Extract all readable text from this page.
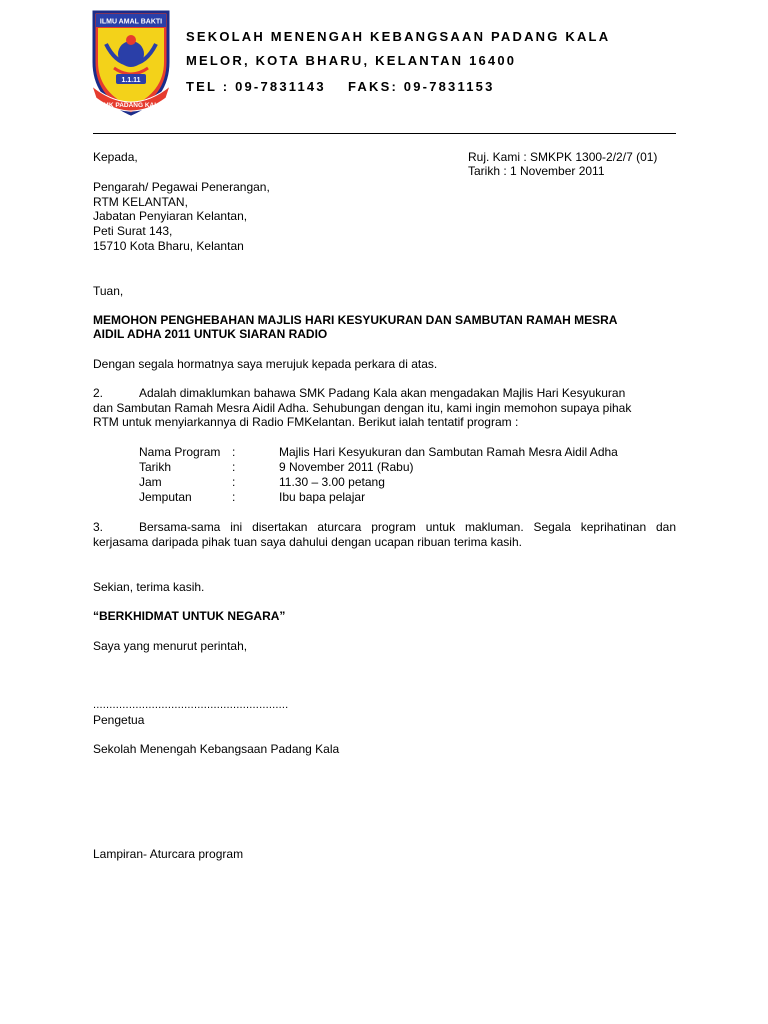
ILMU AMAL BAKTI
1.1.11
SMK PADANG KALA
SEKOLAH MENENGAH KEBANGSAAN PADANG KALA
MELOR, KOTA BHARU, KELANTAN 16400
TEL : 09-7831143 FAKS: 09-7831153
Ruj. Kami : SMKPK 1300-2/2/7 (01)
Tarikh : 1 November 2011
Kepada,
Pengarah/ Pegawai Penerangan,
RTM KELANTAN,
Jabatan Penyiaran Kelantan,
Peti Surat 143,
15710 Kota Bharu, Kelantan
Tuan,
MEMOHON PENGHEBAHAN MAJLIS HARI KESYUKURAN DAN SAMBUTAN RAMAH MESRA
AIDIL ADHA 2011 UNTUK SIARAN RADIO
Dengan segala hormatnya saya merujuk kepada perkara di atas.
2.	Adalah dimaklumkan bahawa SMK Padang Kala akan mengadakan Majlis Hari Kesyukuran
dan Sambutan Ramah Mesra Aidil Adha. Sehubungan dengan itu, kami ingin memohon supaya pihak
RTM untuk menyiarkannya di Radio FMKelantan. Berikut ialah tentatif program :
Nama Program :	Majlis Hari Kesyukuran dan Sambutan Ramah Mesra Aidil Adha
Tarikh	:	9 November 2011 (Rabu)
Jam	:	11.30 – 3.00 petang
Jemputan	:	Ibu bapa pelajar
3.	Bersama-sama ini disertakan aturcara program untuk makluman. Segala keprihatinan dan
kerjasama daripada pihak tuan saya dahului dengan ucapan ribuan terima kasih.
Sekian, terima kasih.
“BERKHIDMAT UNTUK NEGARA”
Saya yang menurut perintah,
............................................................
Pengetua
Sekolah Menengah Kebangsaan Padang Kala
Lampiran- Aturcara program
